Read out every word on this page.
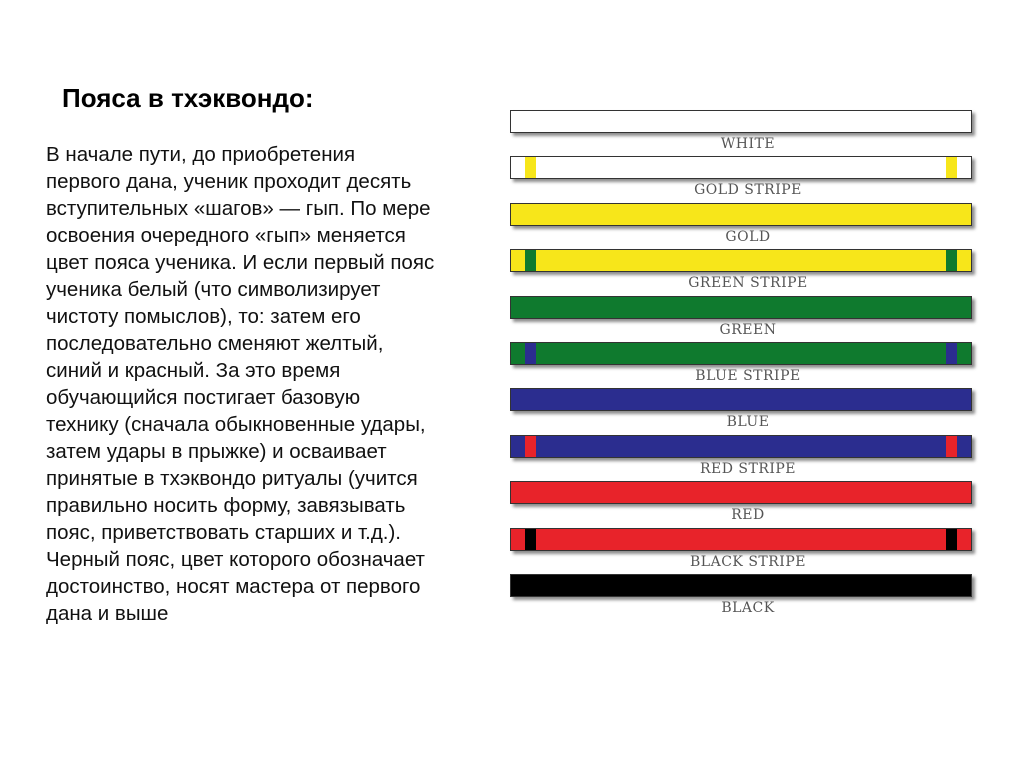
Пояса в тхэквондо:

В начале пути, до приобретения
первого дана, ученик проходит десять
вступительных «шагов» — гып. По мере
освоения очередного «гып» меняется
цвет пояса ученика. И если первый пояс
ученика белый (что символизирует
чистоту помыслов), то: затем его
последовательно сменяют желтый,
синий и красный. За это время
обучающийся постигает базовую
технику (сначала обыкновенные удары,
затем удары в прыжке) и осваивает
принятые в тхэквондо ритуалы (учится
правильно носить форму, завязывать
пояс, приветствовать старших и т.д.).
Черный пояс, цвет которого обозначает
достоинство, носят мастера от первого
дана и выше

WHITE
GOLD STRIPE
GOLD
GREEN STRIPE
GREEN
BLUE STRIPE
BLUE
RED STRIPE
RED
BLACK STRIPE
BLACK
